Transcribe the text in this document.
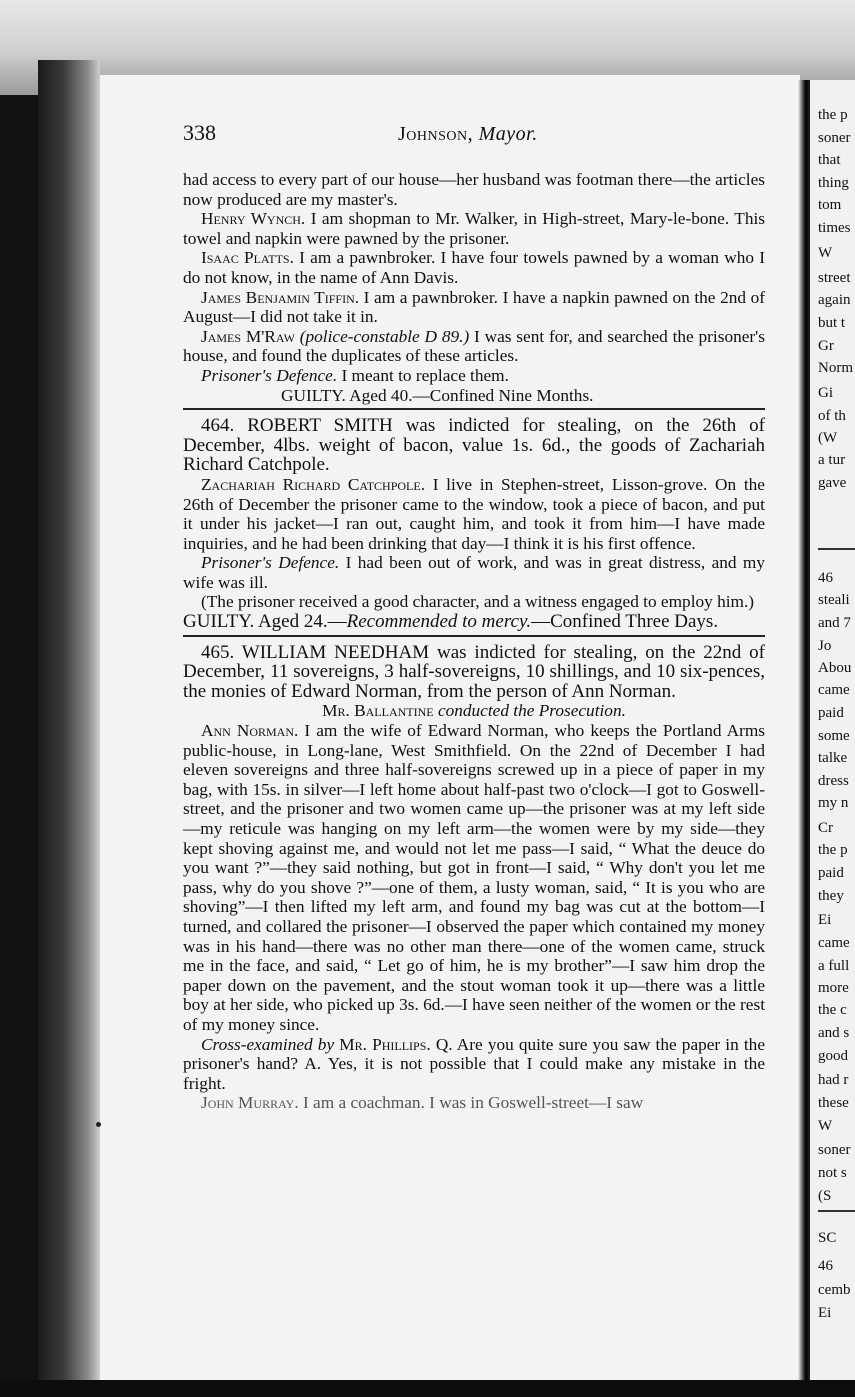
the p
soner
that
thing
tom
times
W
street
again
but t
Gr
Norm
Gi
of th
(W
a tur
gave
46
steali
and 7
Jo
Abou
came
paid
some
talke
dress
my n
Cr
the p
paid
they
Ei
came
a full
more
the c
and s
good
had r
these
W
soner
not s
(S
SC
46
cemb
Ei
338	Johnson, Mayor.

had access to every part of our house—her husband was footman there—the articles now produced are my master's.

Henry Wynch. I am shopman to Mr. Walker, in High-street, Mary-le-bone. This towel and napkin were pawned by the prisoner.

Isaac Platts. I am a pawnbroker. I have four towels pawned by a woman who I do not know, in the name of Ann Davis.

James Benjamin Tiffin. I am a pawnbroker. I have a napkin pawned on the 2nd of August—I did not take it in.

James M'Raw (police-constable D 89.) I was sent for, and searched the prisoner's house, and found the duplicates of these articles.

Prisoner's Defence. I meant to replace them.

GUILTY. Aged 40.—Confined Nine Months.

464. ROBERT SMITH was indicted for stealing, on the 26th of December, 4lbs. weight of bacon, value 1s. 6d., the goods of Zachariah Richard Catchpole.

Zachariah Richard Catchpole. I live in Stephen-street, Lisson-grove. On the 26th of December the prisoner came to the window, took a piece of bacon, and put it under his jacket—I ran out, caught him, and took it from him—I have made inquiries, and he had been drinking that day—I think it is his first offence.

Prisoner's Defence. I had been out of work, and was in great distress, and my wife was ill.

(The prisoner received a good character, and a witness engaged to employ him.)

GUILTY. Aged 24.—Recommended to mercy.—Confined Three Days.

465. WILLIAM NEEDHAM was indicted for stealing, on the 22nd of December, 11 sovereigns, 3 half-sovereigns, 10 shillings, and 10 six-pences, the monies of Edward Norman, from the person of Ann Norman.

Mr. Ballantine conducted the Prosecution.

Ann Norman. I am the wife of Edward Norman, who keeps the Portland Arms public-house, in Long-lane, West Smithfield. On the 22nd of December I had eleven sovereigns and three half-sovereigns screwed up in a piece of paper in my bag, with 15s. in silver—I left home about half-past two o'clock—I got to Goswell-street, and the prisoner and two women came up—the prisoner was at my left side—my reticule was hanging on my left arm—the women were by my side—they kept shoving against me, and would not let me pass—I said, “ What the deuce do you want ?”—they said nothing, but got in front—I said, “ Why don't you let me pass, why do you shove ?”—one of them, a lusty woman, said, “ It is you who are shoving”—I then lifted my left arm, and found my bag was cut at the bottom—I turned, and collared the prisoner—I observed the paper which contained my money was in his hand—there was no other man there—one of the women came, struck me in the face, and said, “ Let go of him, he is my brother”—I saw him drop the paper down on the pavement, and the stout woman took it up—there was a little boy at her side, who picked up 3s. 6d.—I have seen neither of the women or the rest of my money since.

Cross-examined by Mr. Phillips. Q. Are you quite sure you saw the paper in the prisoner's hand? A. Yes, it is not possible that I could make any mistake in the fright.

John Murray. I am a coachman. I was in Goswell-street—I saw
